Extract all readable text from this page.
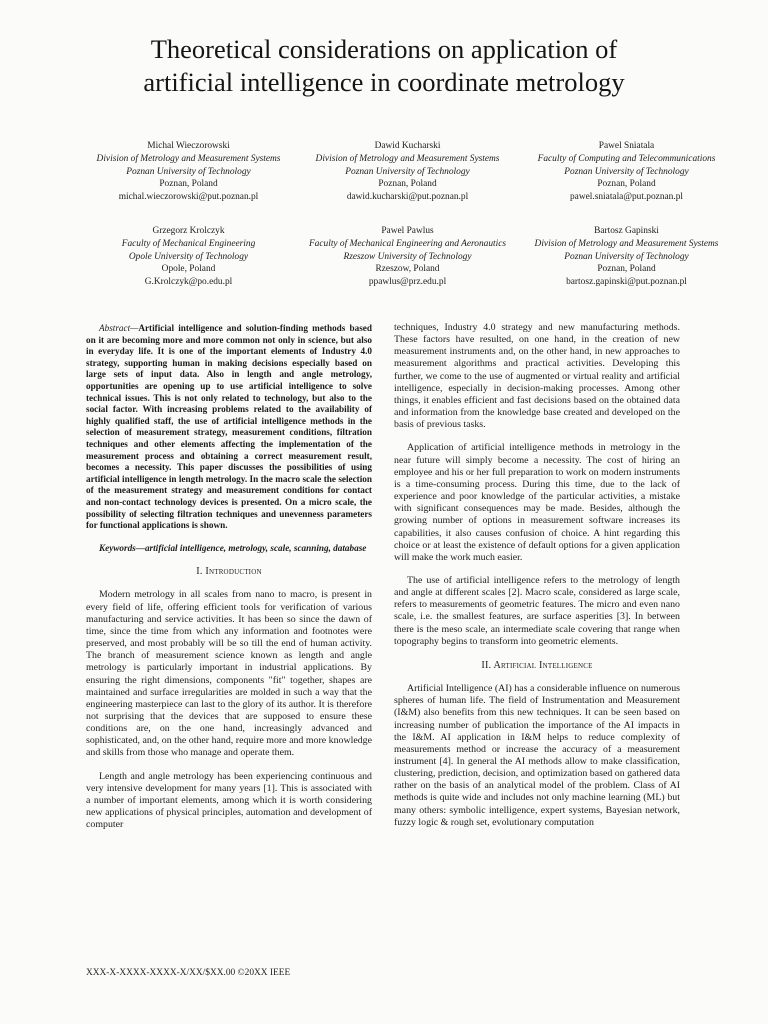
Theoretical considerations on application of
artificial intelligence in coordinate metrology
Michal Wieczorowski
Division of Metrology and Measurement Systems
Poznan University of Technology
Poznan, Poland
michal.wieczorowski@put.poznan.pl
Dawid Kucharski
Division of Metrology and Measurement Systems
Poznan University of Technology
Poznan, Poland
dawid.kucharski@put.poznan.pl
Pawel Sniatala
Faculty of Computing and Telecommunications
Poznan University of Technology
Poznan, Poland
pawel.sniatala@put.poznan.pl
Grzegorz Krolczyk
Faculty of Mechanical Engineering
Opole University of Technology
Opole, Poland
G.Krolczyk@po.edu.pl
Pawel Pawlus
Faculty of Mechanical Engineering and Aeronautics
Rzeszow University of Technology
Rzeszow, Poland
ppawlus@prz.edu.pl
Bartosz Gapinski
Division of Metrology and Measurement Systems
Poznan University of Technology
Poznan, Poland
bartosz.gapinski@put.poznan.pl

Abstract—Artificial intelligence and solution-finding methods based on it are becoming more and more common not only in science, but also in everyday life. It is one of the important elements of Industry 4.0 strategy, supporting human in making decisions especially based on large sets of input data. Also in length and angle metrology, opportunities are opening up to use artificial intelligence to solve technical issues. This is not only related to technology, but also to the social factor. With increasing problems related to the availability of highly qualified staff, the use of artificial intelligence methods in the selection of measurement strategy, measurement conditions, filtration techniques and other elements affecting the implementation of the measurement process and obtaining a correct measurement result, becomes a necessity. This paper discusses the possibilities of using artificial intelligence in length metrology. In the macro scale the selection of the measurement strategy and measurement conditions for contact and non-contact technology devices is presented. On a micro scale, the possibility of selecting filtration techniques and unevenness parameters for functional applications is shown.

Keywords—artificial intelligence, metrology, scale, scanning, database

I. Introduction

Modern metrology in all scales from nano to macro, is present in every field of life, offering efficient tools for verification of various manufacturing and service activities. It has been so since the dawn of time, since the time from which any information and footnotes were preserved, and most probably will be so till the end of human activity. The branch of measurement science known as length and angle metrology is particularly important in industrial applications. By ensuring the right dimensions, components "fit" together, shapes are maintained and surface irregularities are molded in such a way that the engineering masterpiece can last to the glory of its author. It is therefore not surprising that the devices that are supposed to ensure these conditions are, on the one hand, increasingly advanced and sophisticated, and, on the other hand, require more and more knowledge and skills from those who manage and operate them.

Length and angle metrology has been experiencing continuous and very intensive development for many years [1]. This is associated with a number of important elements, among which it is worth considering new applications of physical principles, automation and development of computer

techniques, Industry 4.0 strategy and new manufacturing methods. These factors have resulted, on one hand, in the creation of new measurement instruments and, on the other hand, in new approaches to measurement algorithms and practical activities. Developing this further, we come to the use of augmented or virtual reality and artificial intelligence, especially in decision-making processes. Among other things, it enables efficient and fast decisions based on the obtained data and information from the knowledge base created and developed on the basis of previous tasks.

Application of artificial intelligence methods in metrology in the near future will simply become a necessity. The cost of hiring an employee and his or her full preparation to work on modern instruments is a time-consuming process. During this time, due to the lack of experience and poor knowledge of the particular activities, a mistake with significant consequences may be made. Besides, although the growing number of options in measurement software increases its capabilities, it also causes confusion of choice. A hint regarding this choice or at least the existence of default options for a given application will make the work much easier.

The use of artificial intelligence refers to the metrology of length and angle at different scales [2]. Macro scale, considered as large scale, refers to measurements of geometric features. The micro and even nano scale, i.e. the smallest features, are surface asperities [3]. In between there is the meso scale, an intermediate scale covering that range when topography begins to transform into geometric elements.

II. Artificial Intelligence

Artificial Intelligence (AI) has a considerable influence on numerous spheres of human life. The field of Instrumentation and Measurement (I&M) also benefits from this new techniques. It can be seen based on increasing number of publication the importance of the AI impacts in the I&M. AI application in I&M helps to reduce complexity of measurements method or increase the accuracy of a measurement instrument [4]. In general the AI methods allow to make classification, clustering, prediction, decision, and optimization based on gathered data rather on the basis of an analytical model of the problem. Class of AI methods is quite wide and includes not only machine learning (ML) but many others: symbolic intelligence, expert systems, Bayesian network, fuzzy logic & rough set, evolutionary computation

XXX-X-XXXX-XXXX-X/XX/$XX.00 ©20XX IEEE
